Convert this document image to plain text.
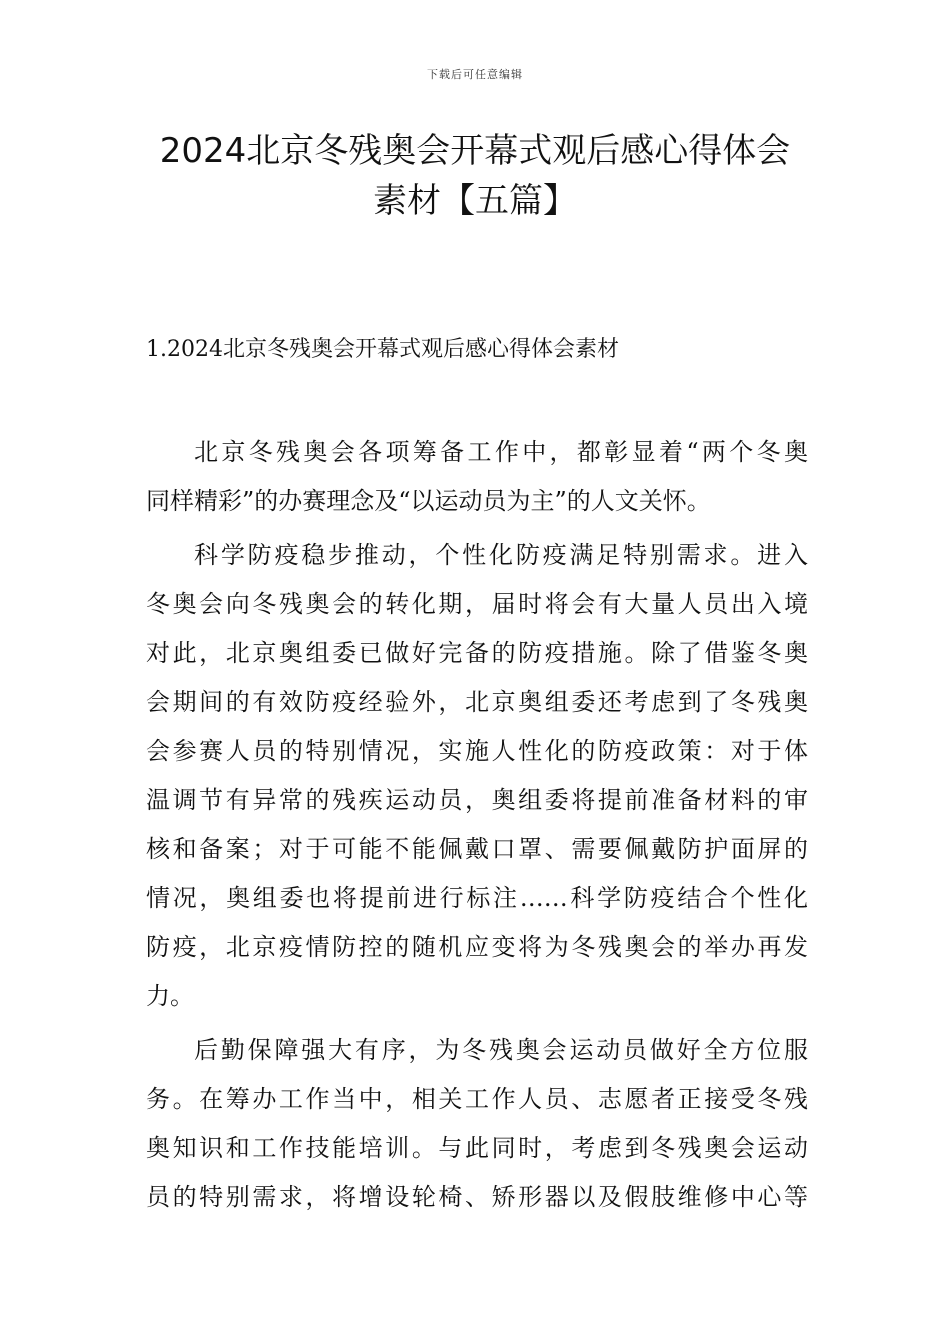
下载后可任意编辑
2024北京冬残奥会开幕式观后感心得体会
素材【五篇】
1.2024北京冬残奥会开幕式观后感心得体会素材

北京冬残奥会各项筹备工作中，都彰显着“两个冬奥
同样精彩”的办赛理念及“以运动员为主”的人文关怀。

科学防疫稳步推动，个性化防疫满足特别需求。进入
冬奥会向冬残奥会的转化期，届时将会有大量人员出入境
对此，北京奥组委已做好完备的防疫措施。除了借鉴冬奥
会期间的有效防疫经验外，北京奥组委还考虑到了冬残奥
会参赛人员的特别情况，实施人性化的防疫政策：对于体
温调节有异常的残疾运动员，奥组委将提前准备材料的审
核和备案；对于可能不能佩戴口罩、需要佩戴防护面屏的
情况，奥组委也将提前进行标注……科学防疫结合个性化
防疫，北京疫情防控的随机应变将为冬残奥会的举办再发
力。

后勤保障强大有序，为冬残奥会运动员做好全方位服
务。在筹办工作当中，相关工作人员、志愿者正接受冬残
奥知识和工作技能培训。与此同时，考虑到冬残奥会运动
员的特别需求，将增设轮椅、矫形器以及假肢维修中心等
